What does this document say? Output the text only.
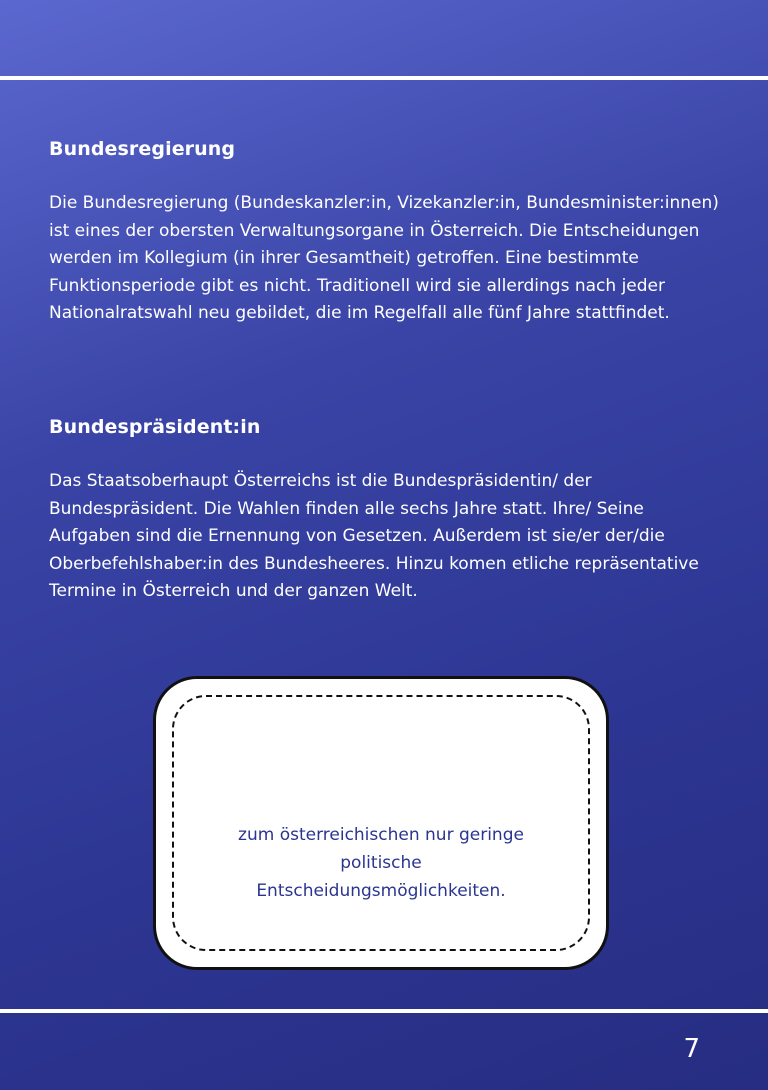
Bundesregierung

Die Bundesregierung (Bundeskanzler:in, Vizekanzler:in, Bundesminister:innen) ist eines der obersten Verwaltungsorgane in Österreich. Die Entscheidungen werden im Kollegium (in ihrer Gesamtheit) getroffen. Eine bestimmte Funktionsperiode gibt es nicht. Traditionell wird sie allerdings nach jeder Nationalratswahl neu gebildet, die im Regelfall alle fünf Jahre stattfindet.

Bundespräsident:in

Das Staatsoberhaupt Österreichs ist die Bundespräsidentin/ der Bundespräsident. Die Wahlen finden alle sechs Jahre statt. Ihre/ Seine Aufgaben sind die Ernennung von Gesetzen. Außerdem ist sie/er der/die Oberbefehlshaber:in des Bundesheeres. Hinzu komen etliche repräsentative Termine in Österreich und der ganzen Welt.

zum österreichischen nur geringe
politische
Entscheidungsmöglichkeiten.
7
